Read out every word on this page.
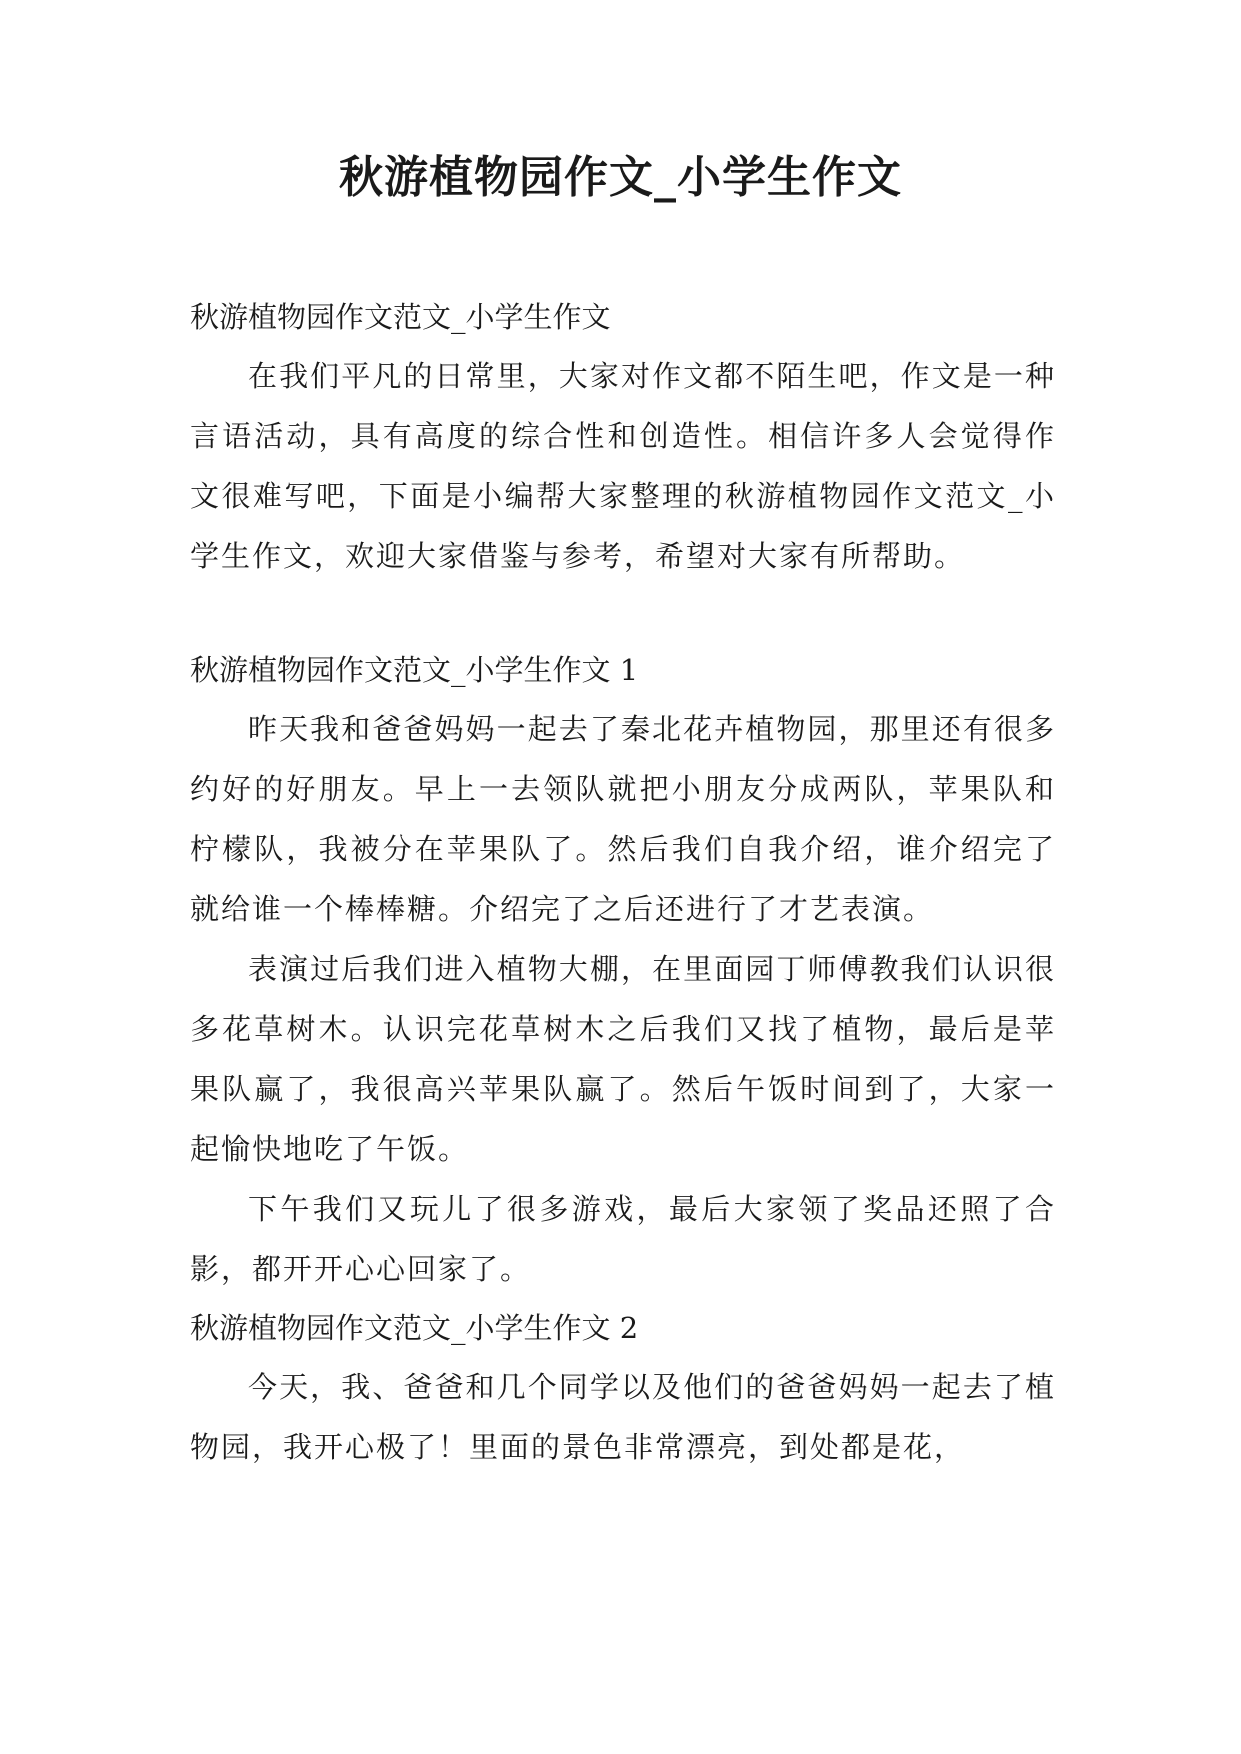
秋游植物园作文_小学生作文

秋游植物园作文范文_小学生作文

在我们平凡的日常里，大家对作文都不陌生吧，作文是一种言语活动，具有高度的综合性和创造性。相信许多人会觉得作文很难写吧，下面是小编帮大家整理的秋游植物园作文范文_小学生作文，欢迎大家借鉴与参考，希望对大家有所帮助。

秋游植物园作文范文_小学生作文 1

昨天我和爸爸妈妈一起去了秦北花卉植物园，那里还有很多约好的好朋友。早上一去领队就把小朋友分成两队，苹果队和柠檬队，我被分在苹果队了。然后我们自我介绍，谁介绍完了就给谁一个棒棒糖。介绍完了之后还进行了才艺表演。

表演过后我们进入植物大棚，在里面园丁师傅教我们认识很多花草树木。认识完花草树木之后我们又找了植物，最后是苹果队赢了，我很高兴苹果队赢了。然后午饭时间到了，大家一起愉快地吃了午饭。

下午我们又玩儿了很多游戏，最后大家领了奖品还照了合影，都开开心心回家了。

秋游植物园作文范文_小学生作文 2

今天，我、爸爸和几个同学以及他们的爸爸妈妈一起去了植物园，我开心极了！里面的景色非常漂亮，到处都是花，
